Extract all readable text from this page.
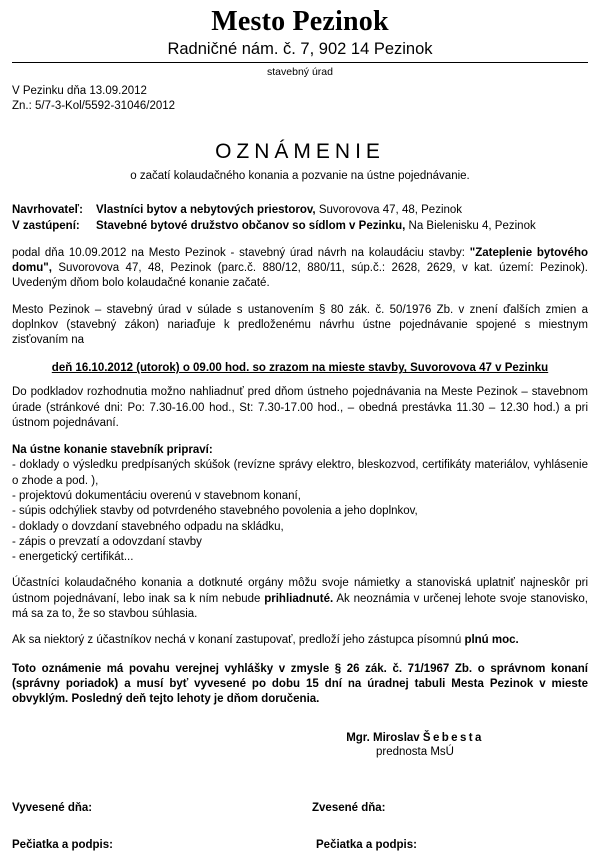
Mesto Pezinok
Radničné nám. č. 7, 902 14 Pezinok
stavebný úrad
V Pezinku dňa 13.09.2012
Zn.: 5/7-3-Kol/5592-31046/2012
OZNÁMENIE
o začatí kolaudačného konania a pozvanie na ústne pojednávanie.
Navrhovateľ:	Vlastníci bytov a nebytových priestorov, Suvorovova 47, 48, Pezinok
V zastúpení:	Stavebné bytové družstvo občanov so sídlom v Pezinku, Na Bielenisku 4, Pezinok

podal dňa 10.09.2012 na Mesto Pezinok - stavebný úrad návrh na kolaudáciu stavby: "Zateplenie bytového domu", Suvorovova 47, 48, Pezinok (parc.č. 880/12, 880/11, súp.č.: 2628, 2629, v kat. území: Pezinok). Uvedeným dňom bolo kolaudačné konanie začaté.

Mesto Pezinok – stavebný úrad v súlade s ustanovením § 80 zák. č. 50/1976 Zb. v znení ďalších zmien a doplnkov (stavebný zákon) nariaďuje k predloženému návrhu ústne pojednávanie spojené s miestnym zisťovaním na

deň 16.10.2012 (utorok) o 09.00 hod. so zrazom na mieste stavby, Suvorovova 47 v Pezinku

Do podkladov rozhodnutia možno nahliadnuť pred dňom ústneho pojednávania na Meste Pezinok – stavebnom úrade (stránkové dni: Po: 7.30-16.00 hod., St: 7.30-17.00 hod., – obedná prestávka 11.30 – 12.30 hod.) a pri ústnom pojednávaní.

Na ústne konanie stavebník pripraví:
- doklady o výsledku predpísaných skúšok (revízne správy elektro, bleskozvod, certifikáty materiálov, vyhlásenie o zhode a pod. ),
- projektovú dokumentáciu overenú v stavebnom konaní,
- súpis odchýliek stavby od potvrdeného stavebného povolenia a jeho doplnkov,
- doklady o dovzdaní stavebného odpadu na skládku,
- zápis o prevzatí a odovzdaní stavby
- energetický certifikát...

Účastníci kolaudačného konania a dotknuté orgány môžu svoje námietky a stanoviská uplatniť najneskôr pri ústnom pojednávaní, lebo inak sa k ním nebude prihliadnuté. Ak neoznámia v určenej lehote svoje stanovisko, má sa za to, že so stavbou súhlasia.

Ak sa niektorý z účastníkov nechá v konaní zastupovať, predloží jeho zástupca písomnú plnú moc.

Toto oznámenie má povahu verejnej vyhlášky v zmysle § 26 zák. č. 71/1967 Zb. o správnom konaní (správny poriadok) a musí byť vyvesené po dobu 15 dní na úradnej tabuli Mesta Pezinok v mieste obvyklým. Posledný deň tejto lehoty je dňom doručenia.

Mgr. Miroslav Šebesta
prednosta MsÚ
Vyvesené dňa:	Zvesené dňa:
Pečiatka a podpis:	Pečiatka a podpis:
